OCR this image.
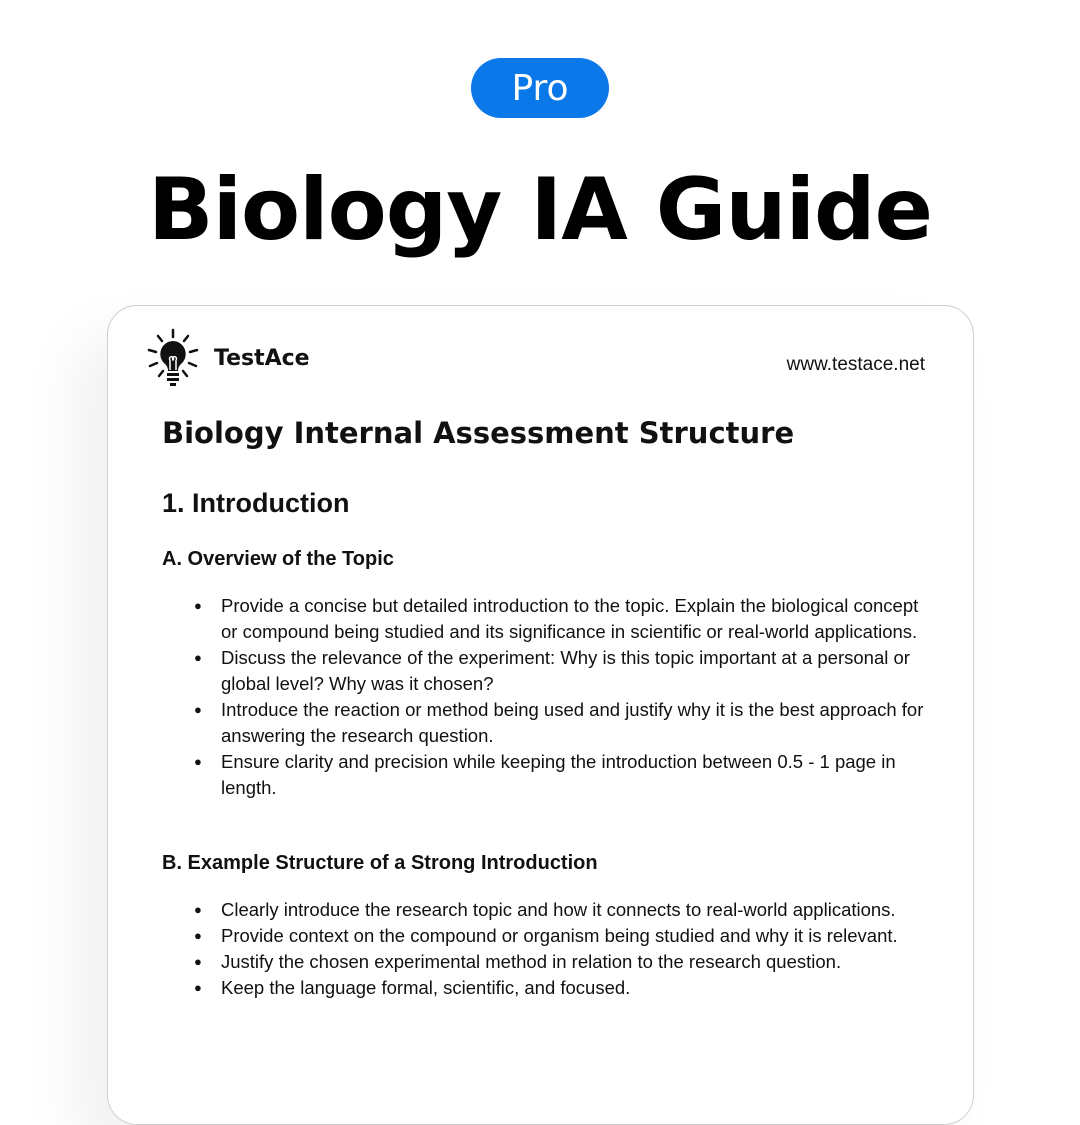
Pro
Biology IA Guide
TestAce	www.testace.net
Biology Internal Assessment Structure
1. Introduction
A. Overview of the Topic
● Provide a concise but detailed introduction to the topic. Explain the biological concept or compound being studied and its significance in scientific or real-world applications.
● Discuss the relevance of the experiment: Why is this topic important at a personal or global level? Why was it chosen?
● Introduce the reaction or method being used and justify why it is the best approach for answering the research question.
● Ensure clarity and precision while keeping the introduction between 0.5 - 1 page in length.
B. Example Structure of a Strong Introduction
● Clearly introduce the research topic and how it connects to real-world applications.
● Provide context on the compound or organism being studied and why it is relevant.
● Justify the chosen experimental method in relation to the research question.
● Keep the language formal, scientific, and focused.
